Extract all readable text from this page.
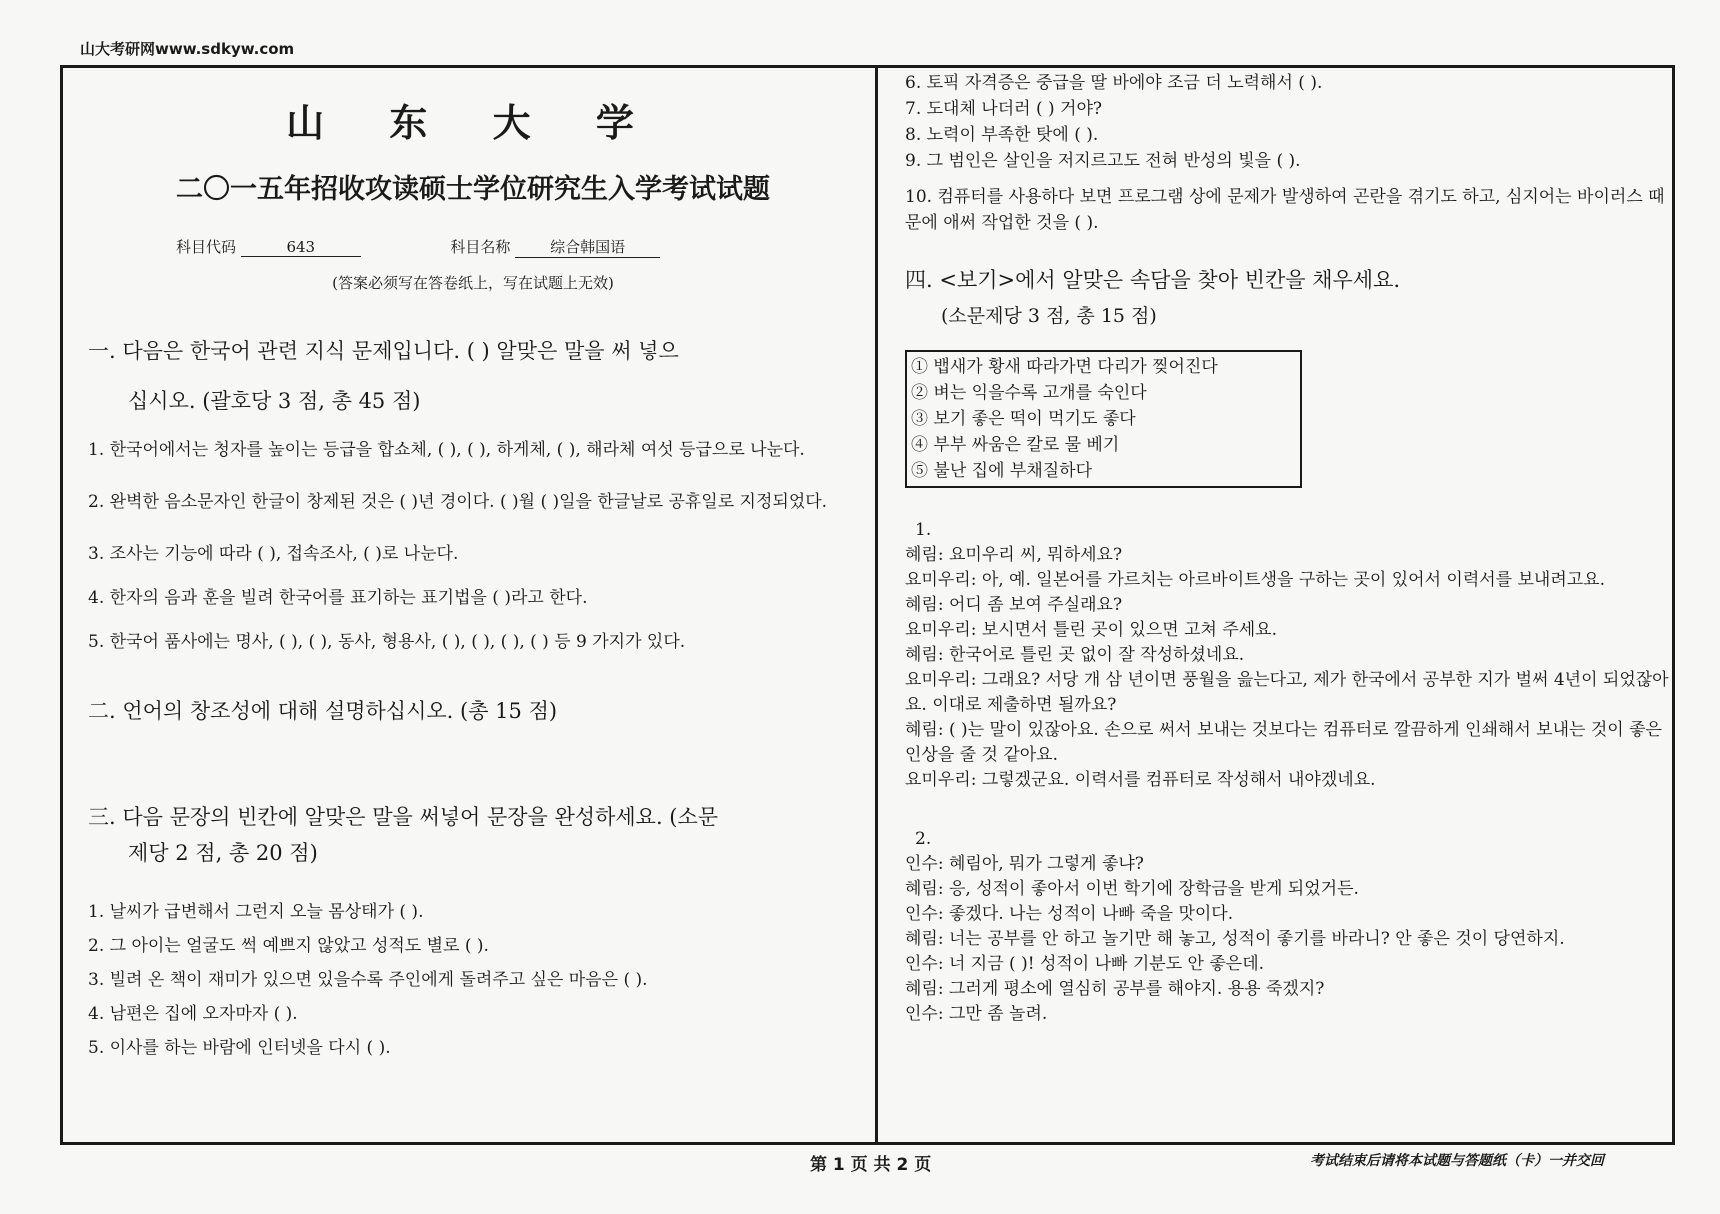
山大考研网www.sdkyw.com
山 东 大 学
二〇一五年招收攻读硕士学位研究生入学考试试题
科目代码	643	科目名称	综合韩国语
(答案必须写在答卷纸上，写在试题上无效)

一. 다음은 한국어 관련 지식 문제입니다. ( ) 알맞은 말을 써 넣으

십시오. (괄호당 3 점, 총 45 점)

1. 한국어에서는 청자를 높이는 등급을 합쇼체, ( ), ( ), 하게체, ( ), 해라체 여섯 등급으로 나눈다.

2. 완벽한 음소문자인 한글이 창제된 것은 ( )년 경이다. ( )월 ( )일을 한글날로 공휴일로 지정되었다.

3. 조사는 기능에 따라 ( ), 접속조사, ( )로 나눈다.

4. 한자의 음과 훈을 빌려 한국어를 표기하는 표기법을 ( )라고 한다.

5. 한국어 품사에는 명사, ( ), ( ), 동사, 형용사, ( ), ( ), ( ), ( ) 등 9 가지가 있다.

二. 언어의 창조성에 대해 설명하십시오. (총 15 점)

三. 다음 문장의 빈칸에 알맞은 말을 써넣어 문장을 완성하세요. (소문

제당 2 점, 총 20 점)

1. 날씨가 급변해서 그런지 오늘 몸상태가 ( ).

2. 그 아이는 얼굴도 썩 예쁘지 않았고 성적도 별로 ( ).

3. 빌려 온 책이 재미가 있으면 있을수록 주인에게 돌려주고 싶은 마음은 ( ).

4. 남편은 집에 오자마자 ( ).

5. 이사를 하는 바람에 인터넷을 다시 ( ).

6. 토픽 자격증은 중급을 딸 바에야 조금 더 노력해서 ( ).

7. 도대체 나더러 ( ) 거야?

8. 노력이 부족한 탓에 ( ).

9. 그 범인은 살인을 저지르고도 전혀 반성의 빛을 ( ).

10. 컴퓨터를 사용하다 보면 프로그램 상에 문제가 발생하여 곤란을 겪기도 하고, 심지어는 바이러스 때문에 애써 작업한 것을 ( ).

四. <보기>에서 알맞은 속담을 찾아 빈칸을 채우세요.

(소문제당 3 점, 총 15 점)

① 뱁새가 황새 따라가면 다리가 찢어진다
② 벼는 익을수록 고개를 숙인다
③ 보기 좋은 떡이 먹기도 좋다
④ 부부 싸움은 칼로 물 베기
⑤ 불난 집에 부채질하다

1.

혜림: 요미우리 씨, 뭐하세요?

요미우리: 아, 예. 일본어를 가르치는 아르바이트생을 구하는 곳이 있어서 이력서를 보내려고요.

혜림: 어디 좀 보여 주실래요?

요미우리: 보시면서 틀린 곳이 있으면 고쳐 주세요.

혜림: 한국어로 틀린 곳 없이 잘 작성하셨네요.

요미우리: 그래요? 서당 개 삼 년이면 풍월을 읊는다고, 제가 한국에서 공부한 지가 벌써 4년이 되었잖아요. 이대로 제출하면 될까요?

혜림: ( )는 말이 있잖아요. 손으로 써서 보내는 것보다는 컴퓨터로 깔끔하게 인쇄해서 보내는 것이 좋은 인상을 줄 것 같아요.

요미우리: 그렇겠군요. 이력서를 컴퓨터로 작성해서 내야겠네요.

2.

인수: 혜림아, 뭐가 그렇게 좋냐?

혜림: 응, 성적이 좋아서 이번 학기에 장학금을 받게 되었거든.

인수: 좋겠다. 나는 성적이 나빠 죽을 맛이다.

혜림: 너는 공부를 안 하고 놀기만 해 놓고, 성적이 좋기를 바라니? 안 좋은 것이 당연하지.

인수: 너 지금 ( )! 성적이 나빠 기분도 안 좋은데.

혜림: 그러게 평소에 열심히 공부를 해야지. 용용 죽겠지?

인수: 그만 좀 놀려.

第 1 页 共 2 页	考试结束后请将本试题与答题纸（卡）一并交回
